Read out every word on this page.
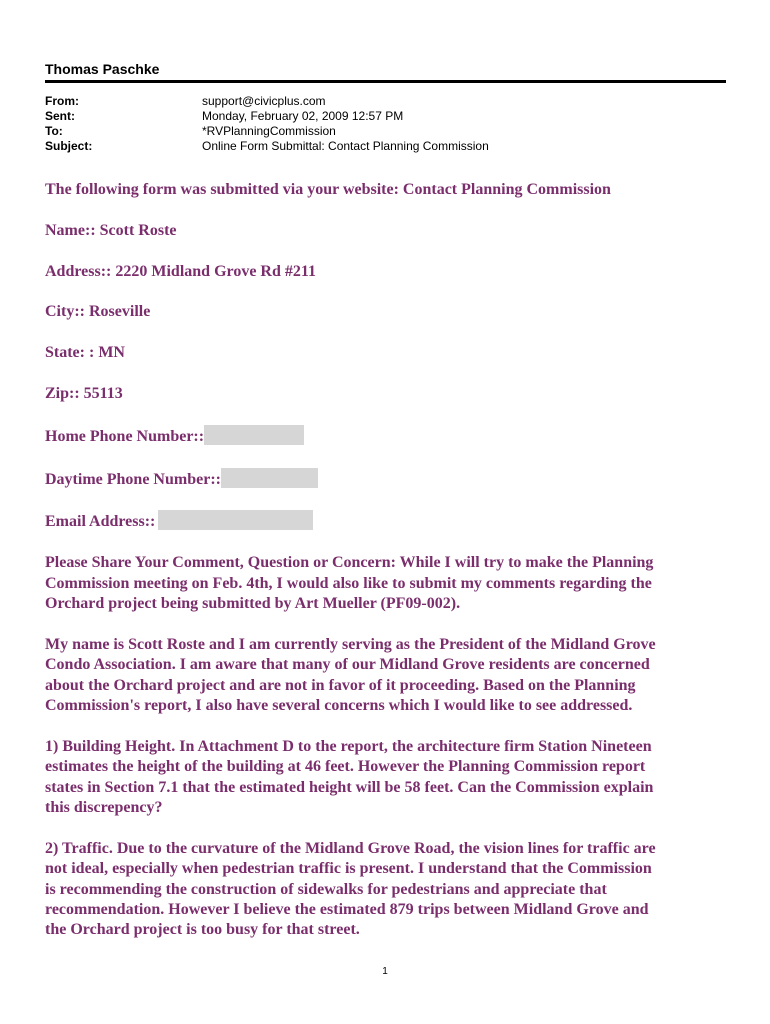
Thomas Paschke
From:	support@civicplus.com
Sent:	Monday, February 02, 2009 12:57 PM
To:	*RVPlanningCommission
Subject:	Online Form Submittal: Contact Planning Commission

The following form was submitted via your website: Contact Planning Commission

Name:: Scott Roste

Address:: 2220 Midland Grove Rd #211

City:: Roseville

State: : MN

Zip:: 55113

Home Phone Number::

Daytime Phone Number::

Email Address::

Please Share Your Comment, Question or Concern: While I will try to make the Planning
Commission meeting on Feb. 4th, I would also like to submit my comments regarding the
Orchard project being submitted by Art Mueller (PF09-002).

My name is Scott Roste and I am currently serving as the President of the Midland Grove
Condo Association. I am aware that many of our Midland Grove residents are concerned
about the Orchard project and are not in favor of it proceeding. Based on the Planning
Commission's report, I also have several concerns which I would like to see addressed.

1) Building Height. In Attachment D to the report, the architecture firm Station Nineteen
estimates the height of the building at 46 feet. However the Planning Commission report
states in Section 7.1 that the estimated height will be 58 feet. Can the Commission explain
this discrepency?

2) Traffic. Due to the curvature of the Midland Grove Road, the vision lines for traffic are
not ideal, especially when pedestrian traffic is present. I understand that the Commission
is recommending the construction of sidewalks for pedestrians and appreciate that
recommendation. However I believe the estimated 879 trips between Midland Grove and
the Orchard project is too busy for that street.

1
